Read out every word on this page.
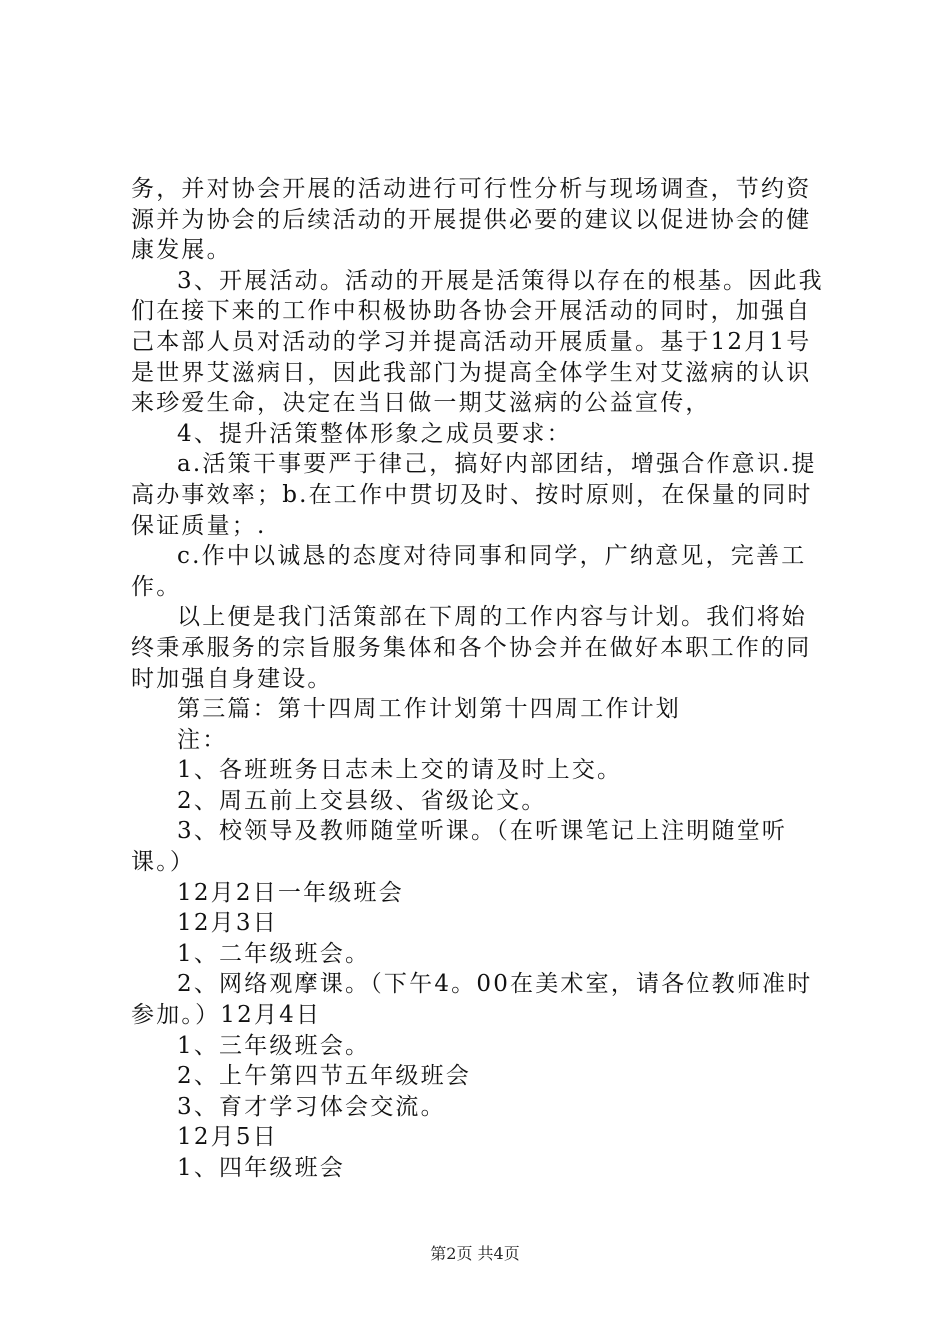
务，并对协会开展的活动进行可行性分析与现场调查，节约资
源并为协会的后续活动的开展提供必要的建议以促进协会的健
康发展。
3、开展活动。活动的开展是活策得以存在的根基。因此我
们在接下来的工作中积极协助各协会开展活动的同时，加强自
己本部人员对活动的学习并提高活动开展质量。基于12月1号
是世界艾滋病日，因此我部门为提高全体学生对艾滋病的认识
来珍爱生命，决定在当日做一期艾滋病的公益宣传，
4、提升活策整体形象之成员要求：
a.活策干事要严于律己，搞好内部团结，增强合作意识.提
高办事效率；b.在工作中贯切及时、按时原则，在保量的同时
保证质量；.
c.作中以诚恳的态度对待同事和同学，广纳意见，完善工
作。
以上便是我门活策部在下周的工作内容与计划。我们将始
终秉承服务的宗旨服务集体和各个协会并在做好本职工作的同
时加强自身建设。
第三篇：第十四周工作计划第十四周工作计划
注：
1、各班班务日志未上交的请及时上交。
2、周五前上交县级、省级论文。
3、校领导及教师随堂听课。（在听课笔记上注明随堂听
课。）
12月2日一年级班会
12月3日
1、二年级班会。
2、网络观摩课。（下午4。00在美术室，请各位教师准时
参加。）12月4日
1、三年级班会。
2、上午第四节五年级班会
3、育才学习体会交流。
12月5日
1、四年级班会
第2页 共4页
